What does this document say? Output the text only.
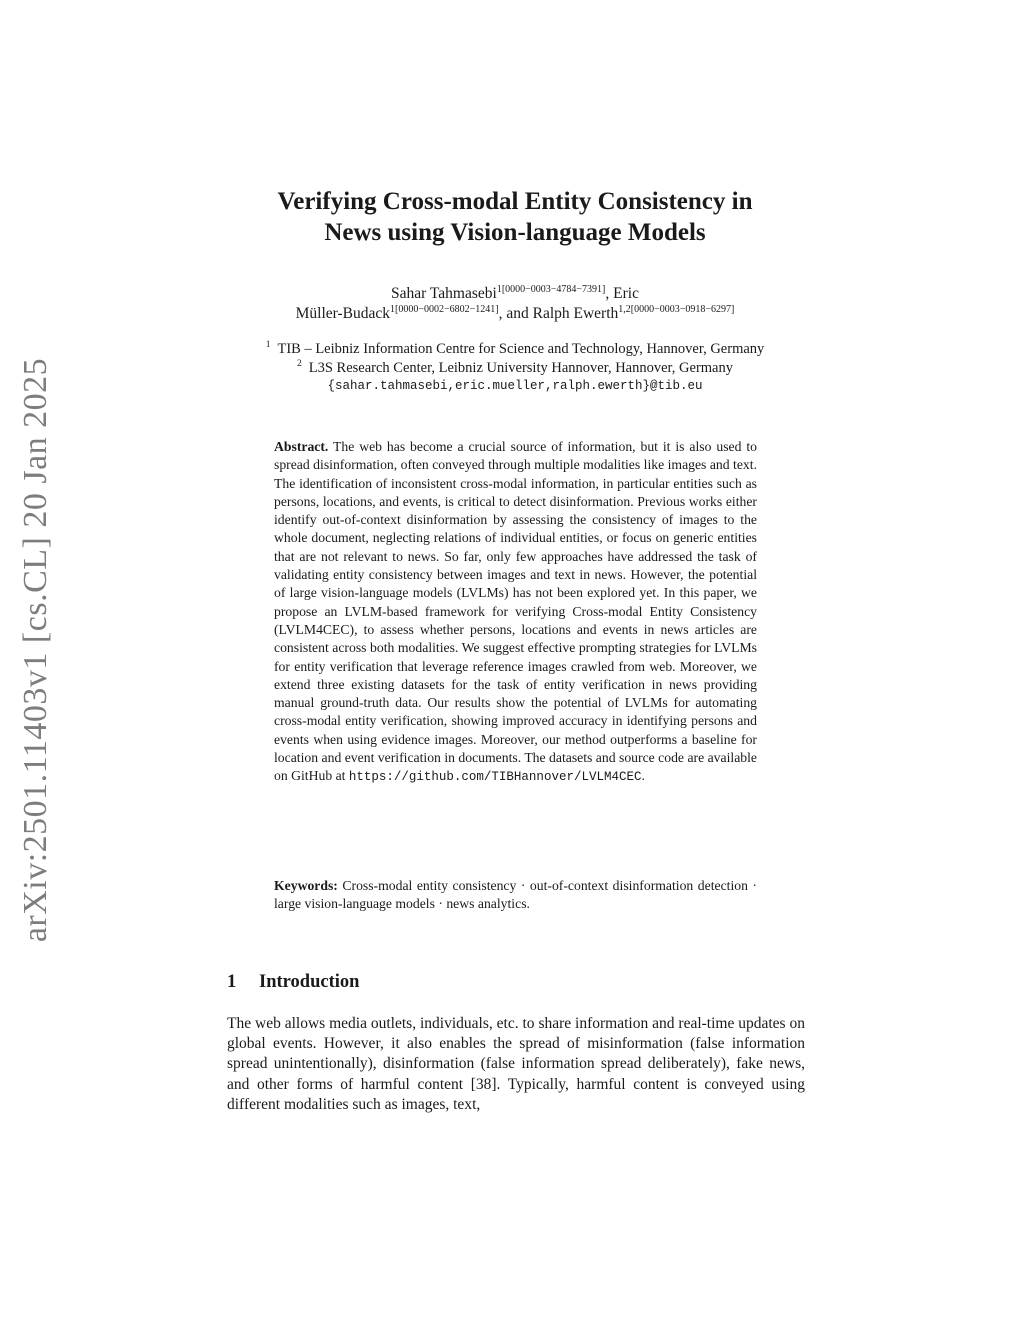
arXiv:2501.11403v1 [cs.CL] 20 Jan 2025
Verifying Cross-modal Entity Consistency in
News using Vision-language Models
Sahar Tahmasebi$^{1[0000-0003-4784-7391]}$, Eric
Müller-Budack$^{1[0000-0002-6802-1241]}$, and Ralph Ewerth$^{1,2[0000-0003-0918-6297]}$
$^1$ TIB – Leibniz Information Centre for Science and Technology, Hannover, Germany
$^2$ L3S Research Center, Leibniz University Hannover, Hannover, Germany
{sahar.tahmasebi,eric.mueller,ralph.ewerth}@tib.eu
Abstract. The web has become a crucial source of information, but it is also used to spread disinformation, often conveyed through multiple modalities like images and text. The identification of inconsistent cross-modal information, in particular entities such as persons, locations, and events, is critical to detect disinformation. Previous works either identify out-of-context disinformation by assessing the consistency of images to the whole document, neglecting relations of individual entities, or focus on generic entities that are not relevant to news. So far, only few approaches have addressed the task of validating entity consistency between images and text in news. However, the potential of large vision-language models (LVLMs) has not been explored yet. In this paper, we propose an LVLM-based framework for verifying Cross-modal Entity Consistency (LVLM4CEC), to assess whether persons, locations and events in news articles are consistent across both modalities. We suggest effective prompting strategies for LVLMs for entity verification that leverage reference images crawled from web. Moreover, we extend three existing datasets for the task of entity verification in news providing manual ground-truth data. Our results show the potential of LVLMs for automating cross-modal entity verification, showing improved accuracy in identifying persons and events when using evidence images. Moreover, our method outperforms a baseline for location and event verification in documents. The datasets and source code are available on GitHub at https://github.com/TIBHannover/LVLM4CEC.
Keywords: Cross-modal entity consistency · out-of-context disinformation detection · large vision-language models · news analytics.
1 Introduction
The web allows media outlets, individuals, etc. to share information and real-time updates on global events. However, it also enables the spread of misinformation (false information spread unintentionally), disinformation (false information spread deliberately), fake news, and other forms of harmful content [38]. Typically, harmful content is conveyed using different modalities such as images, text,
